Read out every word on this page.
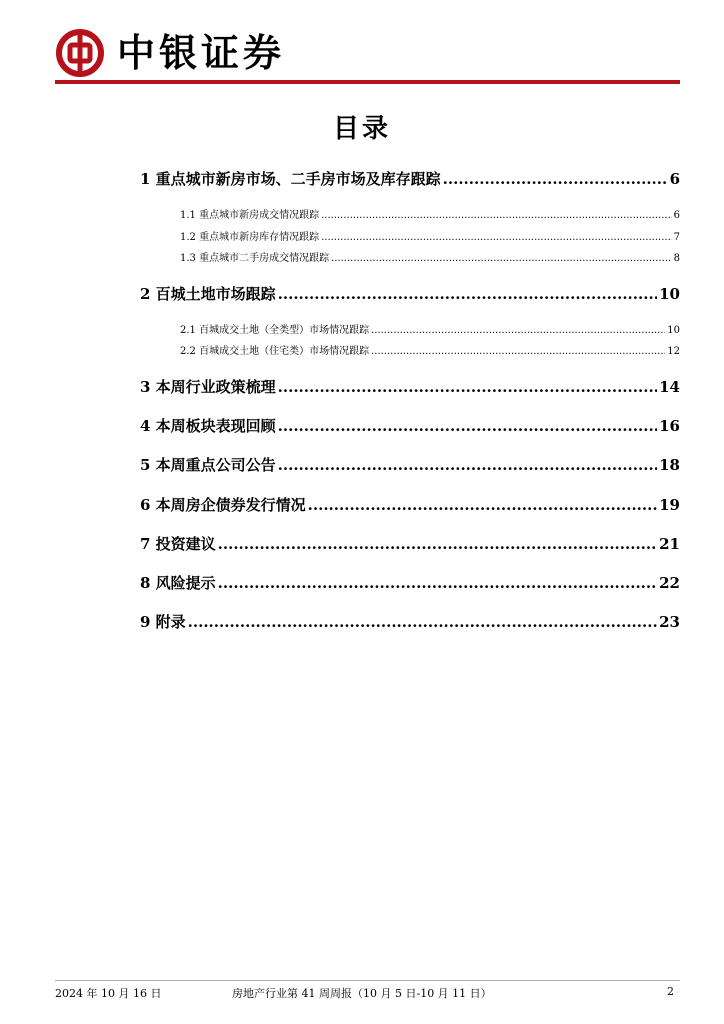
中银证券
目录
1 重点城市新房市场、二手房市场及库存跟踪 .....	6
1.1 重点城市新房成交情况跟踪 .....	6
1.2 重点城市新房库存情况跟踪 .....	7
1.3 重点城市二手房成交情况跟踪 .....	8
2 百城土地市场跟踪 .....	10
2.1 百城成交土地（全类型）市场情况跟踪 .....	10
2.2 百城成交土地（住宅类）市场情况跟踪 .....	12
3 本周行业政策梳理 .....	14
4 本周板块表现回顾 .....	16
5 本周重点公司公告 .....	18
6 本周房企债券发行情况 .....	19
7 投资建议 .....	21
8 风险提示 .....	22
9 附录 .....	23
2024 年 10 月 16 日	房地产行业第 41 周周报（10 月 5 日-10 月 11 日）	2
